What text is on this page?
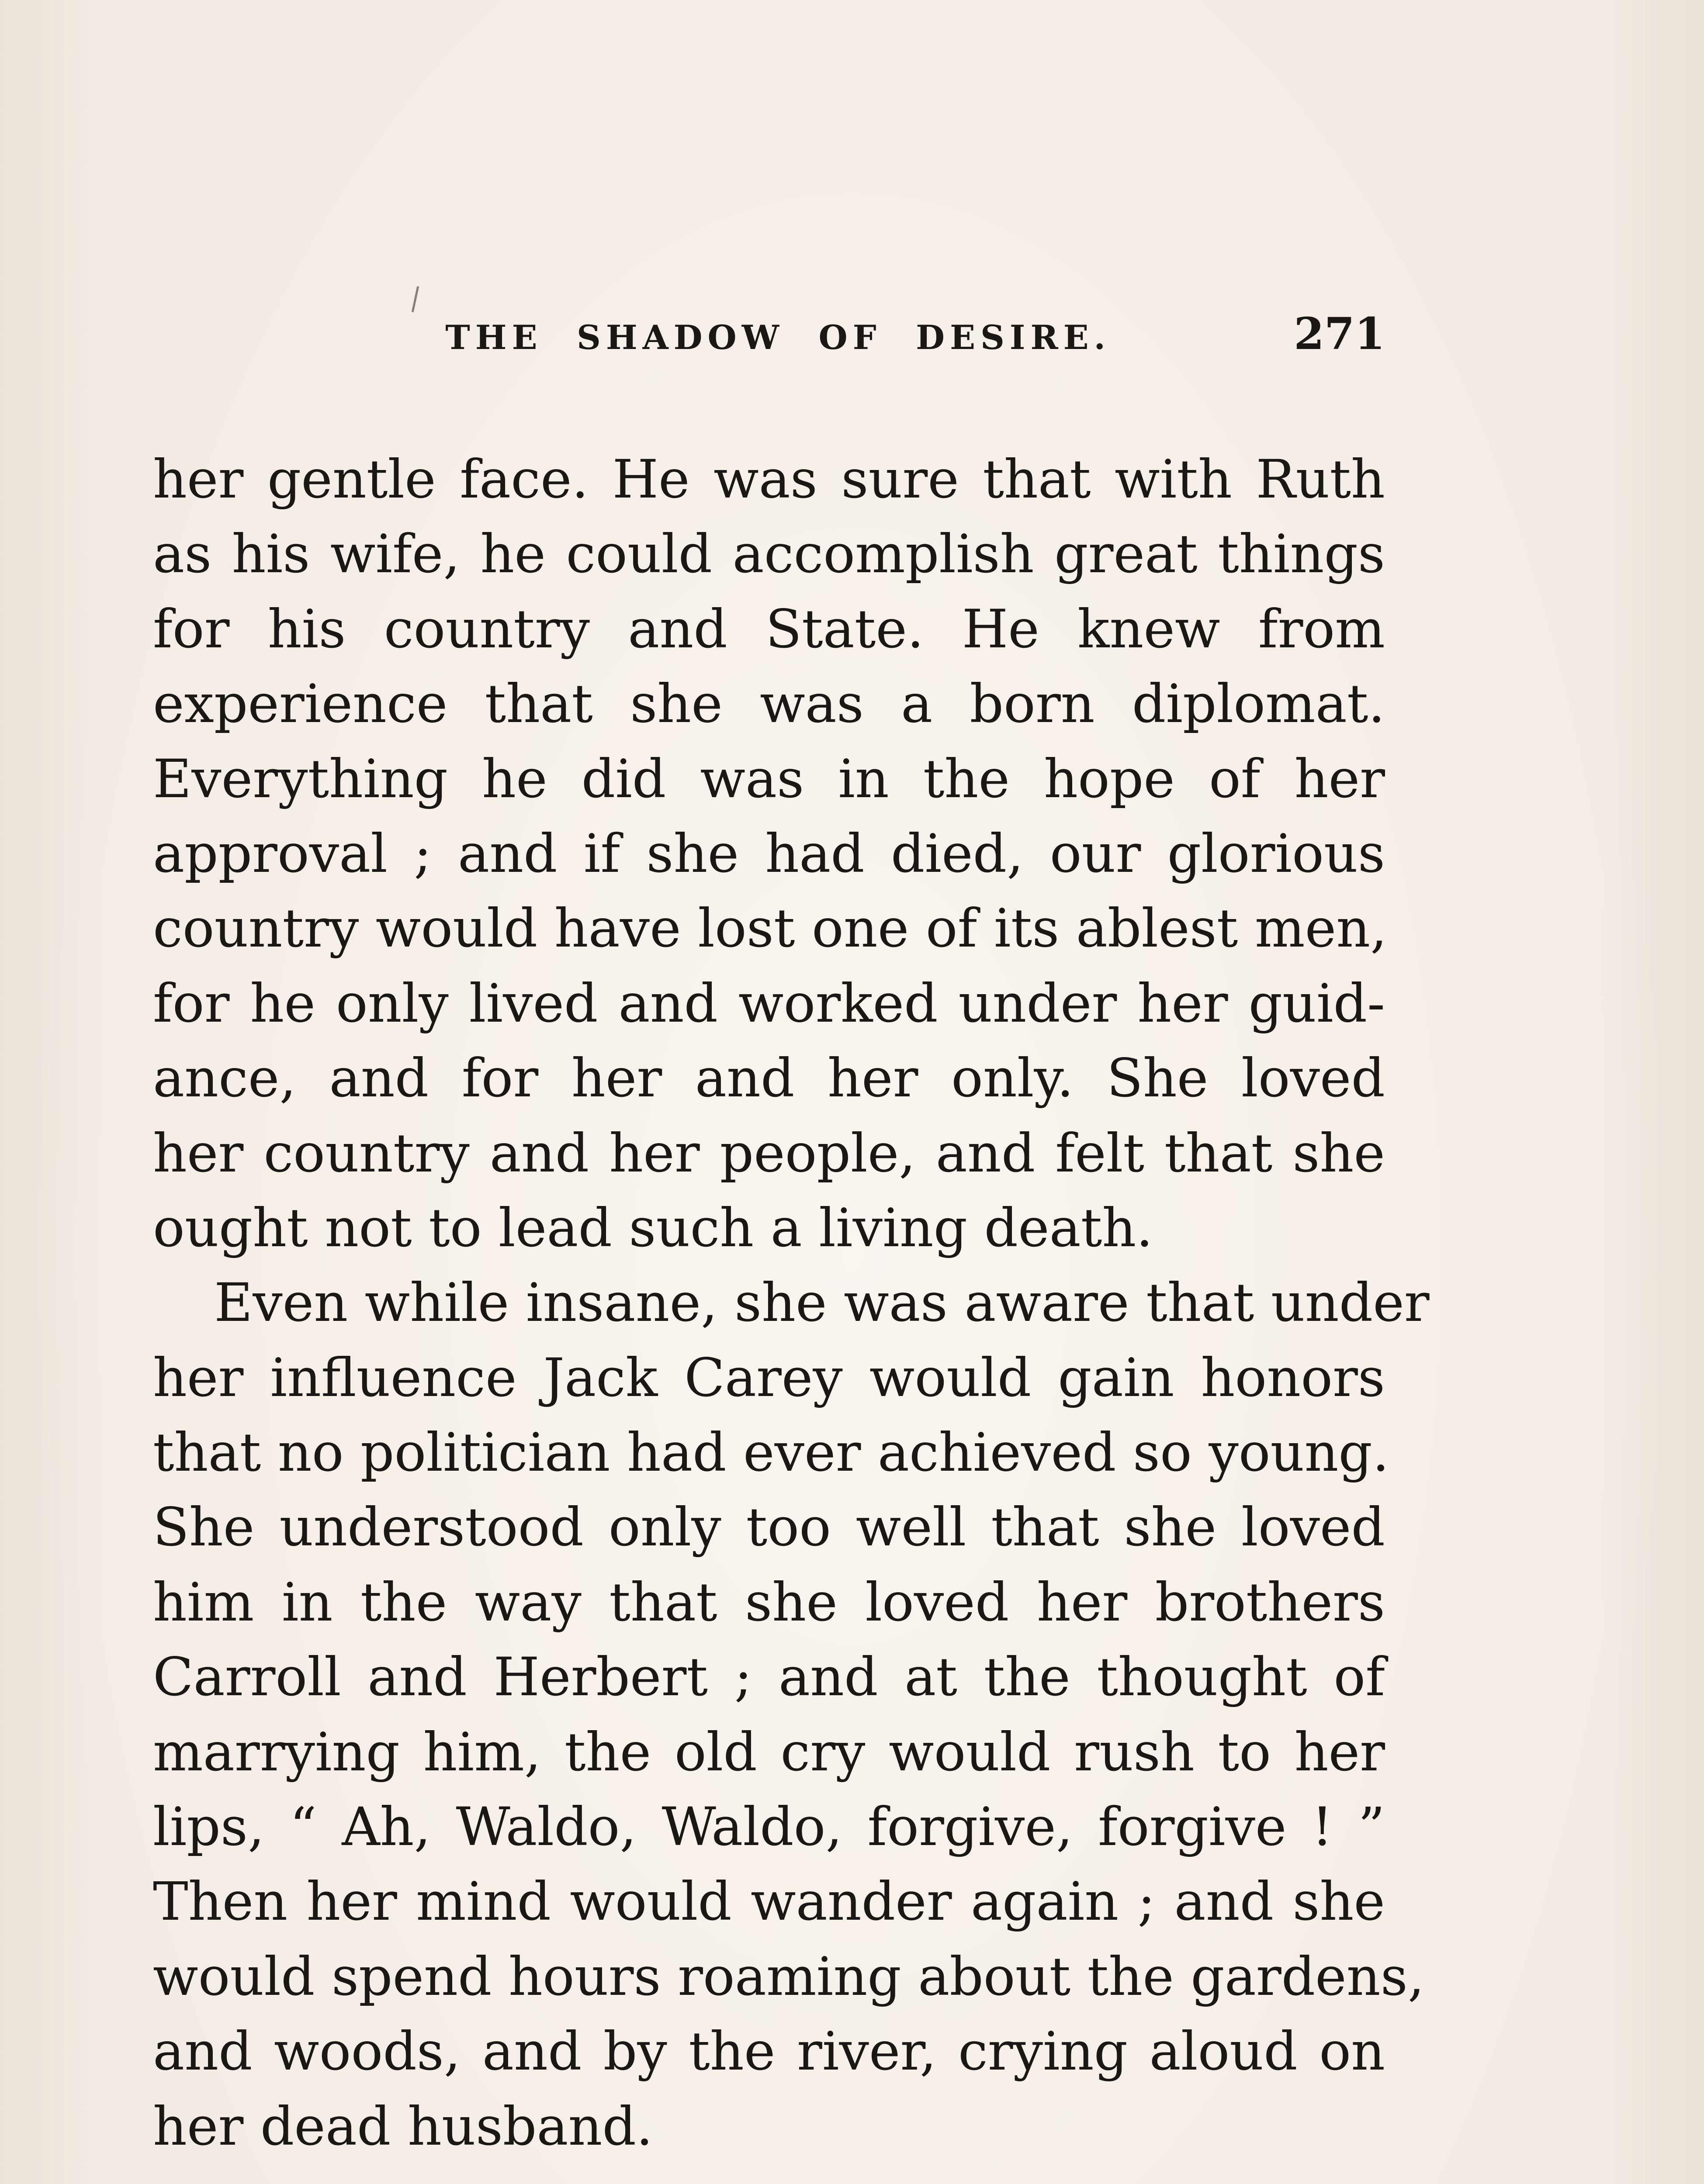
THE SHADOW OF DESIRE.	271
her gentle face. He was sure that with Ruth
as his wife, he could accomplish great things
for his country and State. He knew from
experience that she was a born diplomat.
Everything he did was in the hope of her
approval ; and if she had died, our glorious
country would have lost one of its ablest men,
for he only lived and worked under her guid-
ance, and for her and her only. She loved
her country and her people, and felt that she
ought not to lead such a living death.
Even while insane, she was aware that under
her influence Jack Carey would gain honors
that no politician had ever achieved so young.
She understood only too well that she loved
him in the way that she loved her brothers
Carroll and Herbert ; and at the thought of
marrying him, the old cry would rush to her
lips, “ Ah, Waldo, Waldo, forgive, forgive ! ”
Then her mind would wander again ; and she
would spend hours roaming about the gardens,
and woods, and by the river, crying aloud on
her dead husband.
